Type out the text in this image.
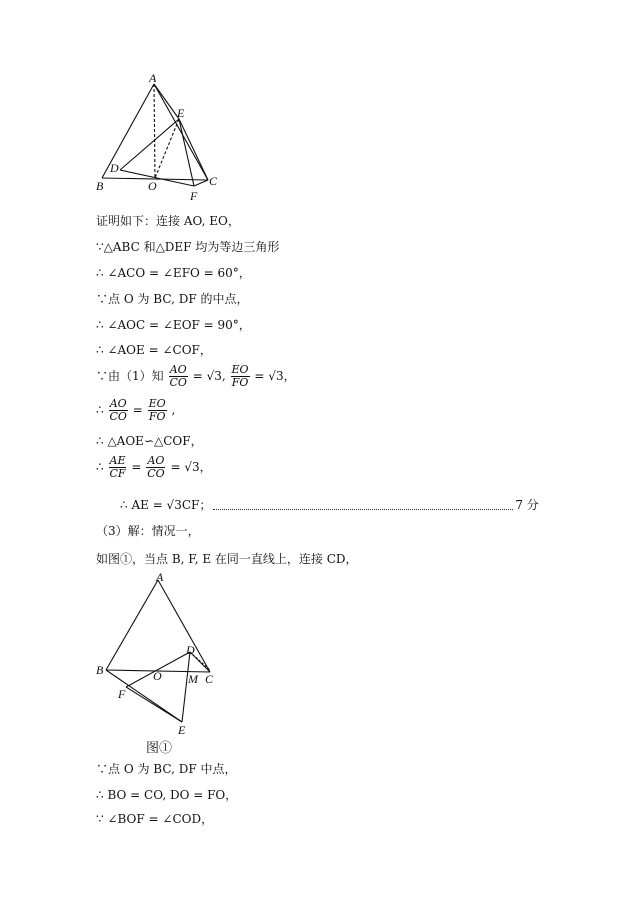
A
E
D
B	O	C
F
证明如下：连接 AO, EO，
∵△ABC 和△DEF 均为等边三角形
∴ ∠ACO = ∠EFO = 60°，
∵点 O 为 BC, DF 的中点，
∴ ∠AOC = ∠EOF = 90°，
∴ ∠AOE = ∠COF，
∵由（1）知 $\frac{AO}{CO} = √3$, $\frac{EO}{FO} = √3$，
∴ $\frac{AO}{CO} = \frac{EO}{FO}$ ,
∴ △AOE∽△COF，
∴ $\frac{AE}{CF} = \frac{AO}{CO} = √3$，
∴ AE = √3CF；	7 分
（3）解：情况一，
如图①，当点 B, F, E 在同一直线上，连接 CD，
A
B	O
D
M C
F
E
图①
∵点 O 为 BC, DF 中点，
∴ BO = CO, DO = FO，
∵ ∠BOF = ∠COD，
